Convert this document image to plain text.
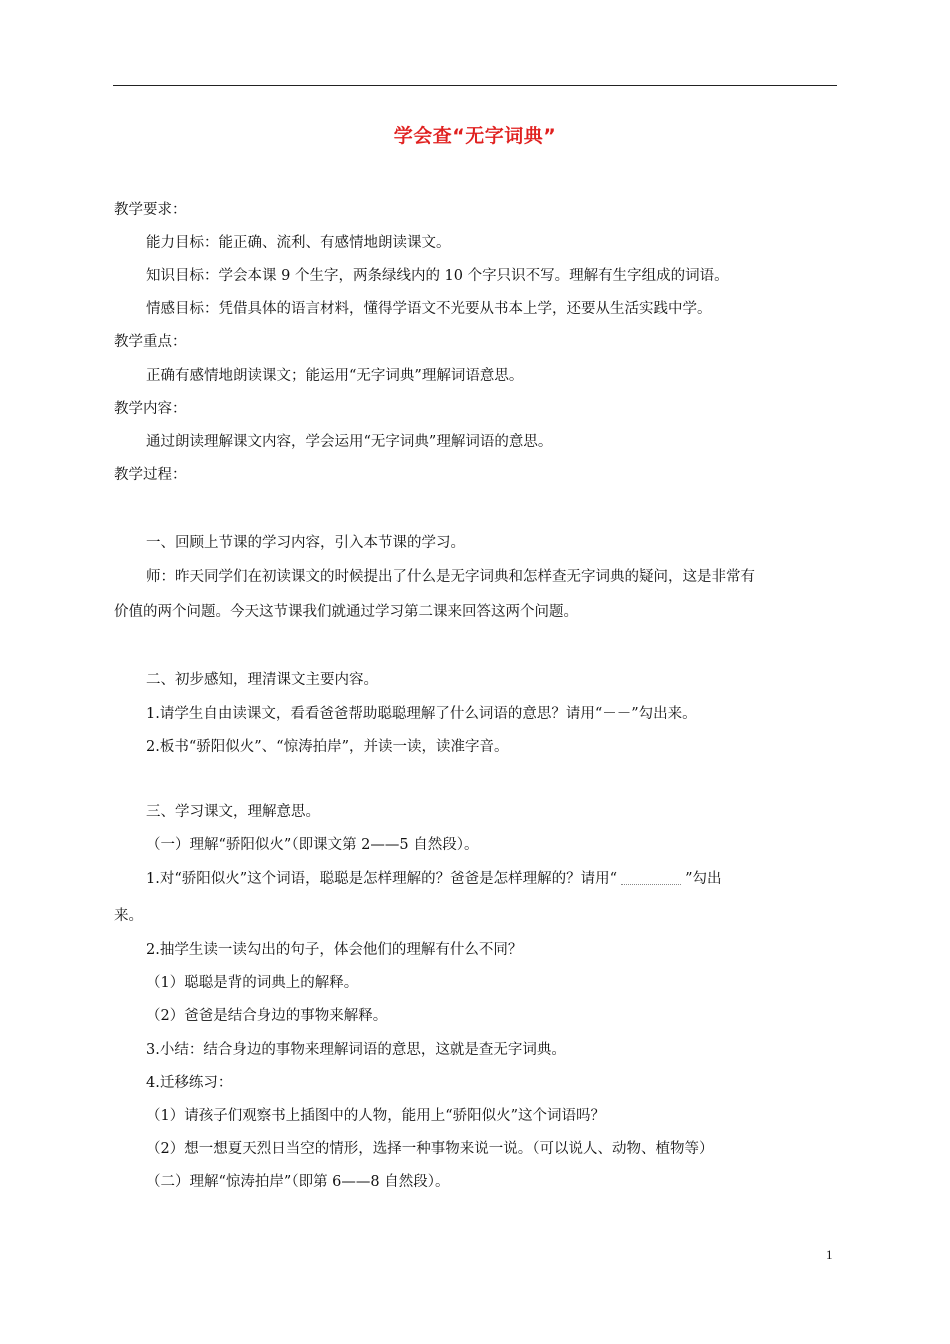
学会查“无字词典”
教学要求：
能力目标：能正确、流利、有感情地朗读课文。
知识目标：学会本课 9 个生字，两条绿线内的 10 个字只识不写。理解有生字组成的词语。
情感目标：凭借具体的语言材料，懂得学语文不光要从书本上学，还要从生活实践中学。
教学重点：
正确有感情地朗读课文；能运用“无字词典”理解词语意思。
教学内容：
通过朗读理解课文内容，学会运用“无字词典”理解词语的意思。
教学过程：
一、回顾上节课的学习内容，引入本节课的学习。
师：昨天同学们在初读课文的时候提出了什么是无字词典和怎样查无字词典的疑问，这是非常有
价值的两个问题。今天这节课我们就通过学习第二课来回答这两个问题。
二、初步感知，理清课文主要内容。
1.请学生自由读课文，看看爸爸帮助聪聪理解了什么词语的意思？请用“－－”勾出来。
2.板书“骄阳似火”、“惊涛拍岸”，并读一读，读准字音。
三、学习课文，理解意思。
（一）理解“骄阳似火”（即课文第 2——5 自然段）。
1.对“骄阳似火”这个词语，聪聪是怎样理解的？爸爸是怎样理解的？请用“	”勾出
来。
2.抽学生读一读勾出的句子，体会他们的理解有什么不同？
（1）聪聪是背的词典上的解释。
（2）爸爸是结合身边的事物来解释。
3.小结：结合身边的事物来理解词语的意思，这就是查无字词典。
4.迁移练习：
（1）请孩子们观察书上插图中的人物，能用上“骄阳似火”这个词语吗？
（2）想一想夏天烈日当空的情形，选择一种事物来说一说。（可以说人、动物、植物等）
（二）理解“惊涛拍岸”（即第 6——8 自然段）。
1
